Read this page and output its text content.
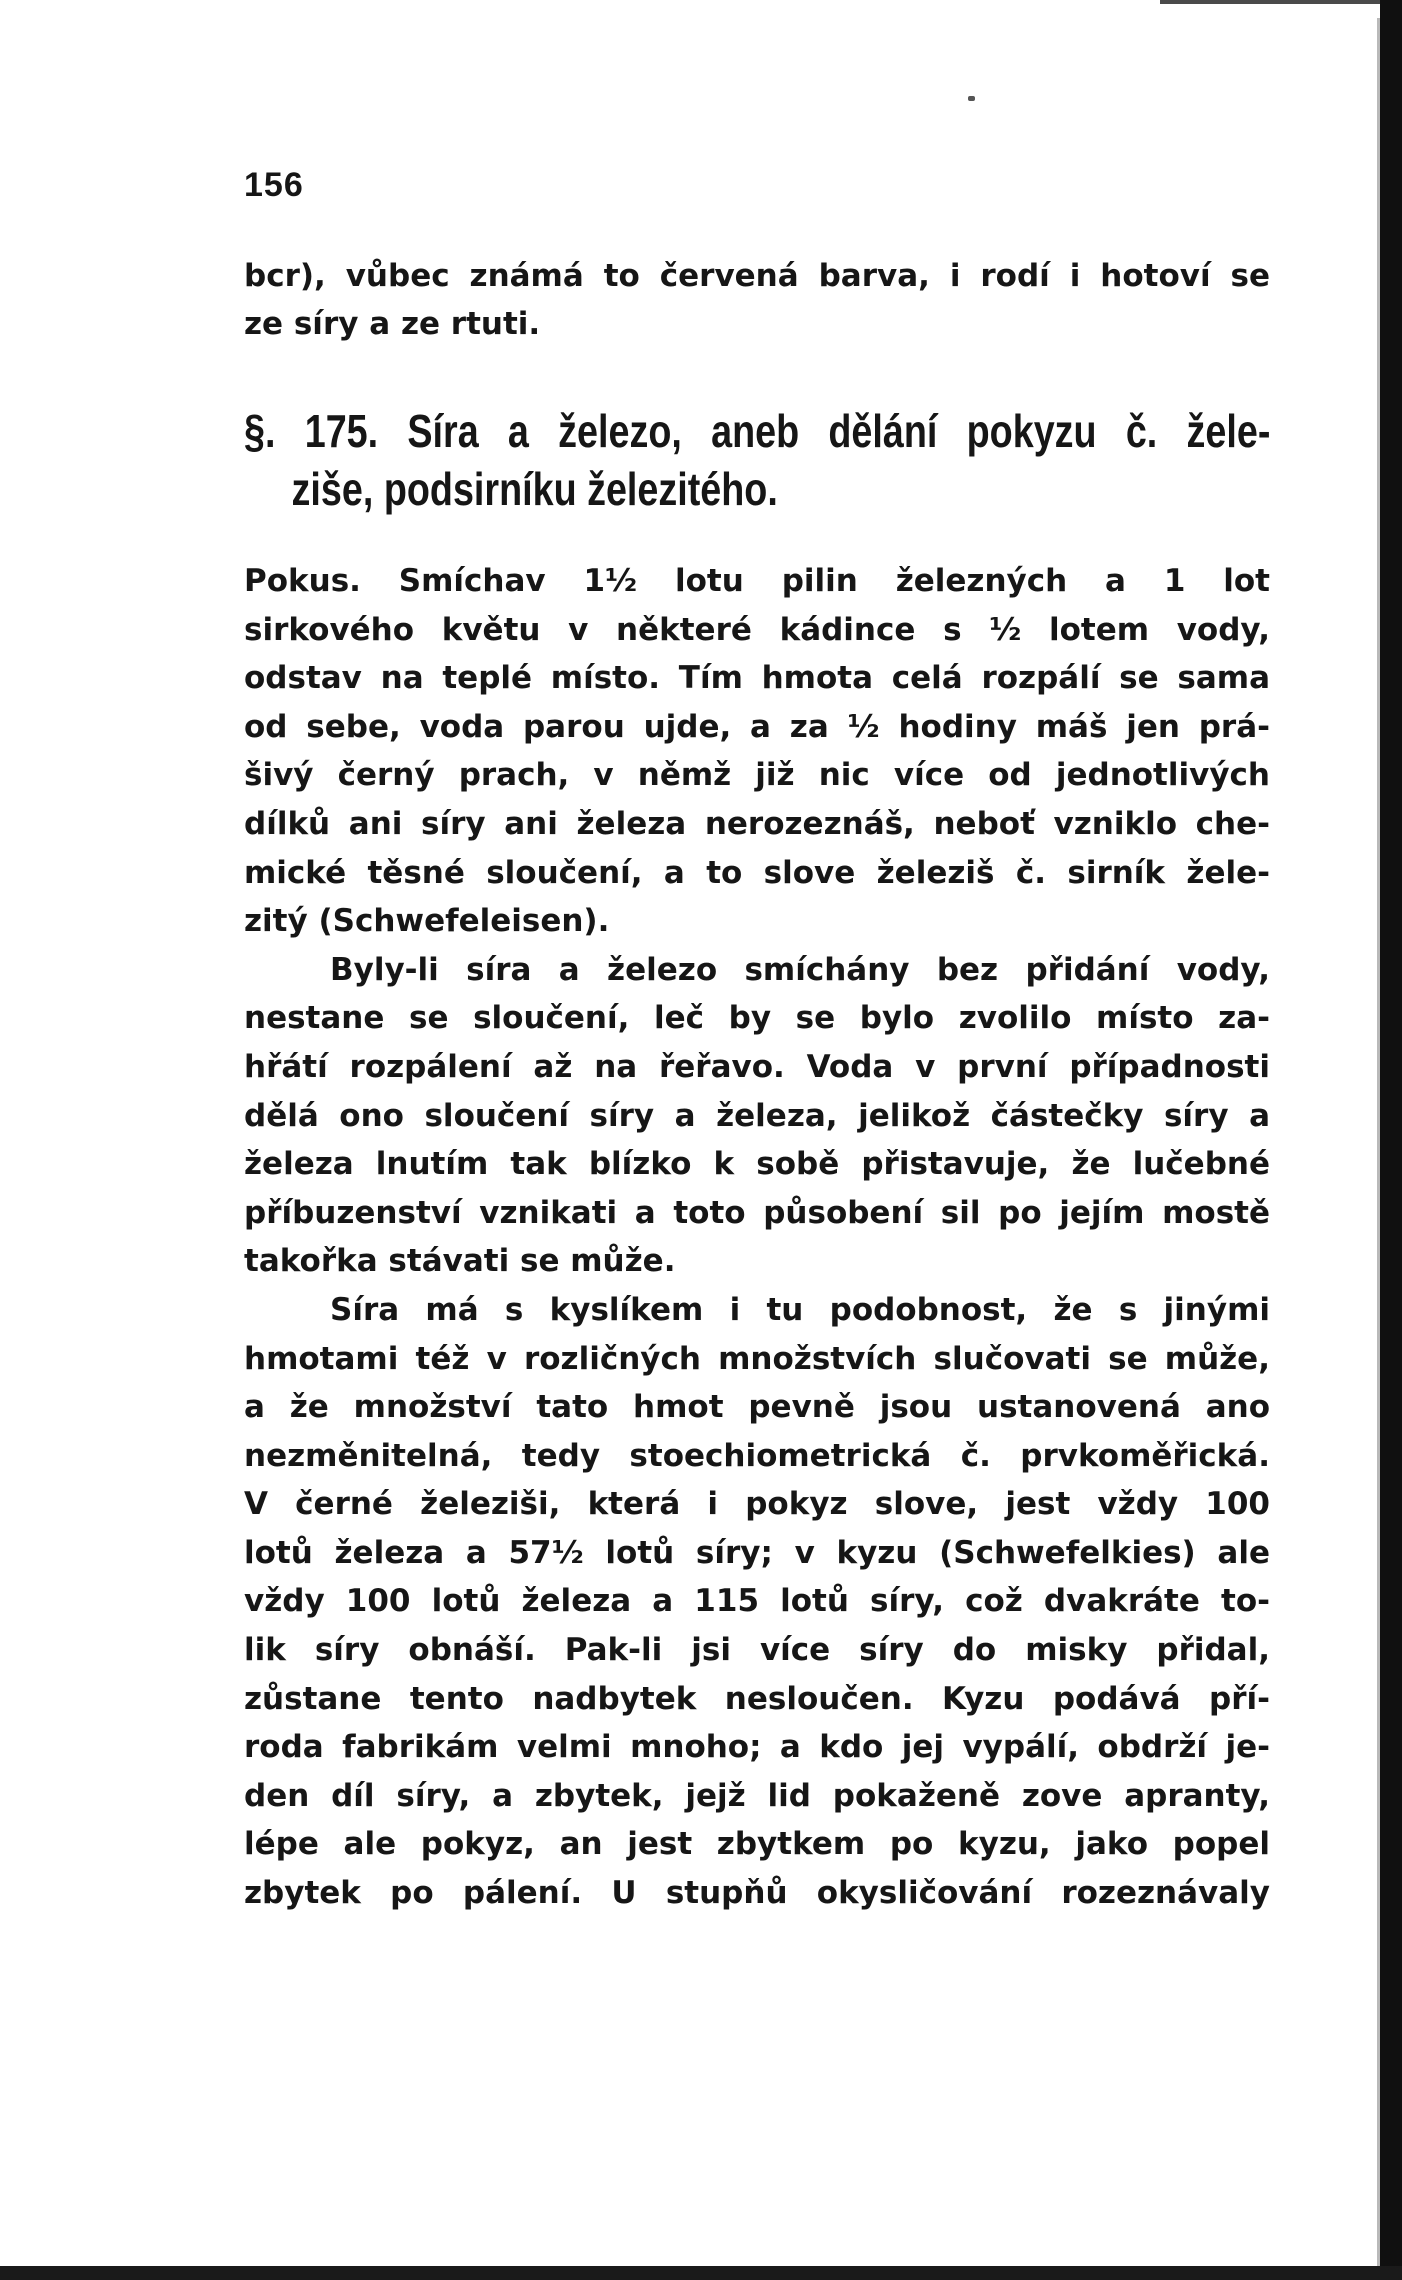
156
bcr), vůbec známá to červená barva, i rodí i hotoví se
ze síry a ze rtuti.
§. 175. Síra a železo, aneb dělání pokyzu č. žele-
ziše, podsirníku železitého.
Pokus. Smíchav 1½ lotu pilin železných a 1 lot
sirkového květu v některé kádince s ½ lotem vody,
odstav na teplé místo. Tím hmota celá rozpálí se sama
od sebe, voda parou ujde, a za ½ hodiny máš jen prá-
šivý černý prach, v němž již nic více od jednotlivých
dílků ani síry ani železa nerozeznáš, neboť vzniklo che-
mické těsné sloučení, a to slove železiš č. sirník žele-
zitý (Schwefeleisen).
Byly-li síra a železo smíchány bez přidání vody,
nestane se sloučení, leč by se bylo zvolilo místo za-
hřátí rozpálení až na řeřavo. Voda v první případnosti
dělá ono sloučení síry a železa, jelikož částečky síry a
železa lnutím tak blízko k sobě přistavuje, že lučebné
příbuzenství vznikati a toto působení sil po jejím mostě
takořka stávati se může.
Síra má s kyslíkem i tu podobnost, že s jinými
hmotami též v rozličných množstvích slučovati se může,
a že množství tato hmot pevně jsou ustanovená ano
nezměnitelná, tedy stoechiometrická č. prvkoměřická.
V černé železiši, která i pokyz slove, jest vždy 100
lotů železa a 57½ lotů síry; v kyzu (Schwefelkies) ale
vždy 100 lotů železa a 115 lotů síry, což dvakráte to-
lik síry obnáší. Pak-li jsi více síry do misky přidal,
zůstane tento nadbytek nesloučen. Kyzu podává pří-
roda fabrikám velmi mnoho; a kdo jej vypálí, obdrží je-
den díl síry, a zbytek, jejž lid pokaženě zove apranty,
lépe ale pokyz, an jest zbytkem po kyzu, jako popel
zbytek po pálení. U stupňů okysličování rozeznávaly
